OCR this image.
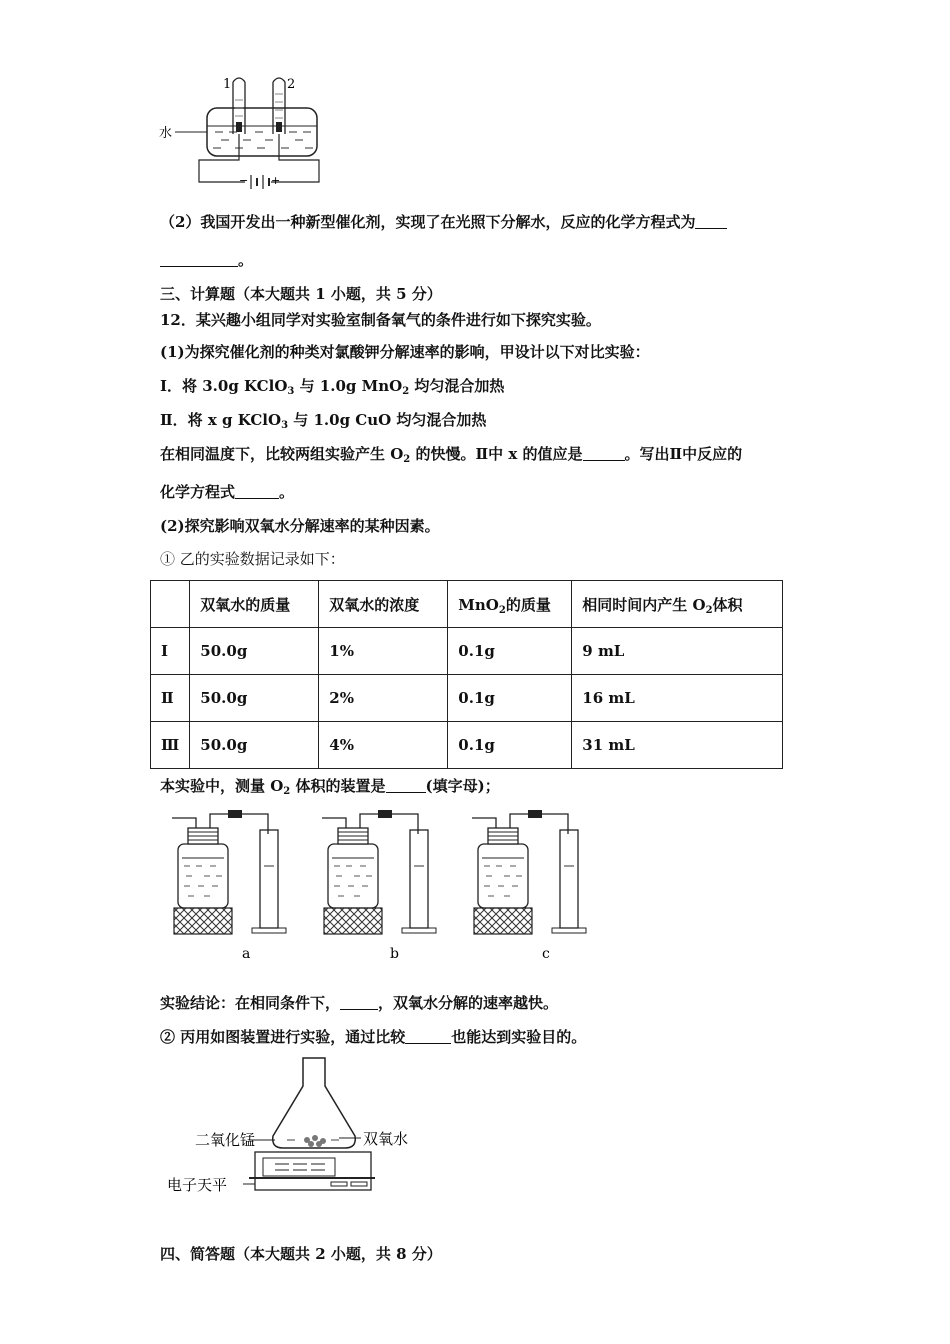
1	2
水
− +
（2）我国开发出一种新型催化剂，实现了在光照下分解水，反应的化学方程式为
。
三、计算题（本大题共 1 小题，共 5 分）
12．某兴趣小组同学对实验室制备氧气的条件进行如下探究实验。
(1)为探究催化剂的种类对氯酸钾分解速率的影响，甲设计以下对比实验：
Ⅰ．将 3.0g KClO$_3$ 与 1.0g MnO$_2$ 均匀混合加热
Ⅱ．将 x g KClO$_3$ 与 1.0g CuO 均匀混合加热
在相同温度下，比较两组实验产生 $O_2$ 的快慢。Ⅱ中 x 的值应是	。写出Ⅱ中反应的
化学方程式	。
(2)探究影响双氧水分解速率的某种因素。
① 乙的实验数据记录如下：
	双氧水的质量	双氧水的浓度	MnO$_2$的质量	相同时间内产生 $O_2$体积
Ⅰ	50.0g	1%	0.1g	9 mL
Ⅱ	50.0g	2%	0.1g	16 mL
Ⅲ	50.0g	4%	0.1g	31 mL
本实验中，测量 $O_2$ 体积的装置是	(填字母)；
a	b	c
实验结论：在相同条件下，	，双氧水分解的速率越快。
② 丙用如图装置进行实验，通过比较	也能达到实验目的。
二氧化锰	双氧水
电子天平
四、简答题（本大题共 2 小题，共 8 分）
